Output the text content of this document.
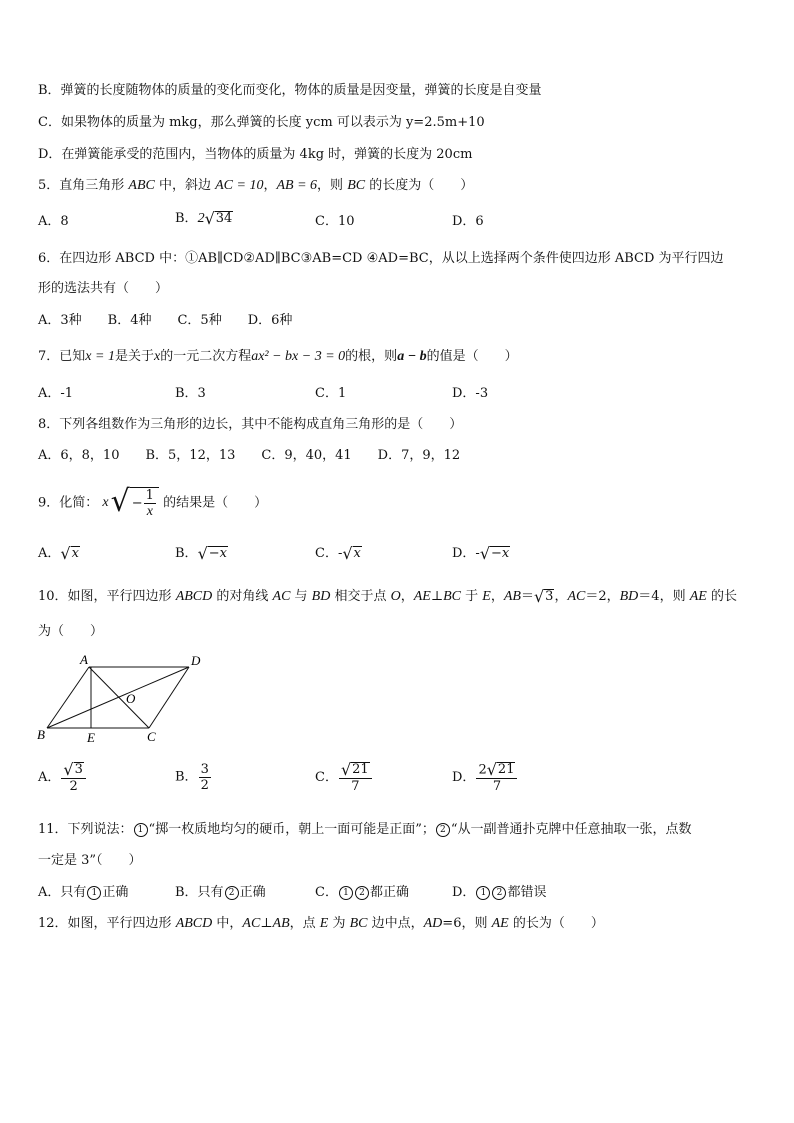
B．弹簧的长度随物体的质量的变化而变化，物体的质量是因变量，弹簧的长度是自变量
C．如果物体的质量为 mkg，那么弹簧的长度 ycm 可以表示为 y=2.5m+10
D．在弹簧能承受的范围内，当物体的质量为 4kg 时，弹簧的长度为 20cm
5．直角三角形 ABC 中，斜边 AC = 10，AB = 6，则 BC 的长度为（　　）
A．8	B．2 √ 34	C．10	D．6
6．在四边形 ABCD 中：①AB∥CD②AD∥BC③AB=CD ④AD=BC，从以上选择两个条件使四边形 ABCD 为平行四边
形的选法共有（　　）
A．3种　　B．4种　　C．5种　　D．6种
7．已知x = 1是关于x的一元二次方程ax² − bx − 3 = 0的根，则a − b的值是（　　）
A．-1	B．3	C．1	D．-3
8．下列各组数作为三角形的边长，其中不能构成直角三角形的是（　　）
A．6，8，10　　B．5，12，13　　C．9，40，41　　D．7，9，12
9．化简： x √ − $\frac{1}{x}$ 的结果是（　　）
A． √ x	B． √ −x	C．- √ x	D．- √ −x
10．如图，平行四边形 ABCD 的对角线 AC 与 BD 相交于点 O，AE⊥BC 于 E，AB＝ √ 3 ，AC＝2，BD＝4，则 AE 的长
为（　　）
A	D
O
B	E	C
A． $\frac{√ 3}{2}$	B． $\frac{3}{2}$	C． $\frac{√ 21}{7}$	D． $\frac{2 √ 21}{7}$
11．下列说法： 1 “掷一枚质地均匀的硬币，朝上一面可能是正面”； 2 “从一副普通扑克牌中任意抽取一张，点数
一定是 3”（　　）
A．只有 1 正确	B．只有 2 正确	C． 1 2 都正确	D． 1 2 都错误
12．如图，平行四边形 ABCD 中，AC⊥AB，点 E 为 BC 边中点，AD=6，则 AE 的长为（　　）
